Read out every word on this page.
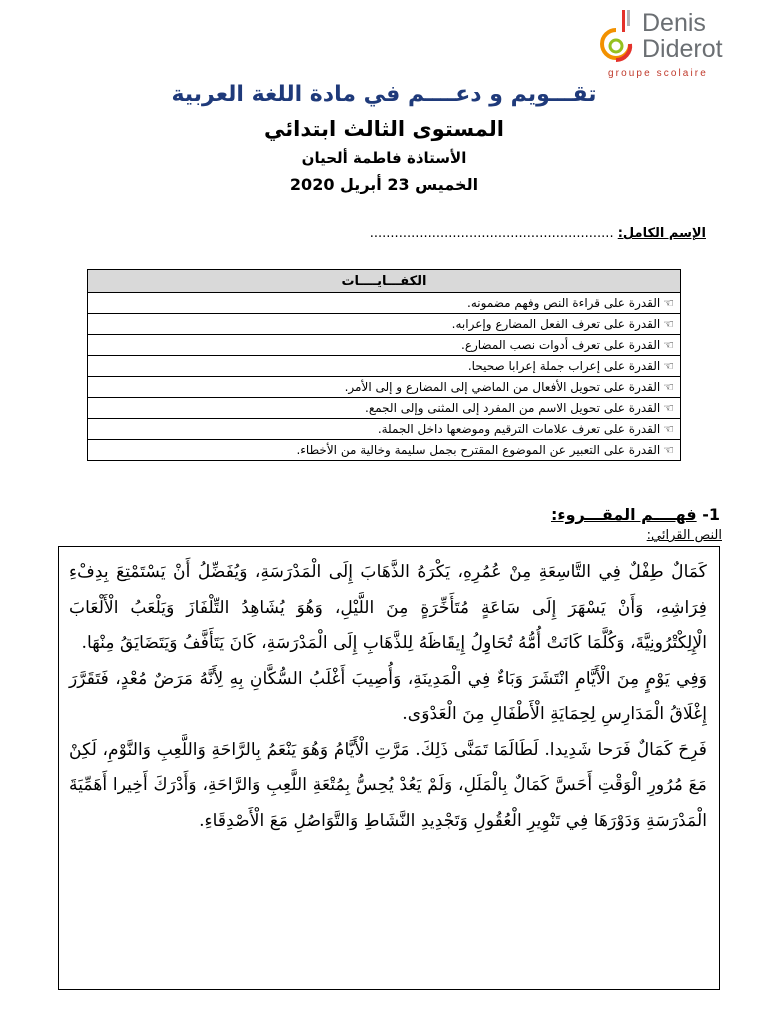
Denis
Diderot
groupe scolaire
تقـــويم و دعــــم في مادة اللغة العربية
المستوى الثالث ابتدائي
الأستاذة فاطمة ألحيان
الخميس 23 أبريل 2020
الإسم الكامل: ...........................................................
الكفـــايــــات
☜القدرة على قراءة النص وفهم مضمونه.
☜القدرة على تعرف الفعل المضارع وإعرابه.
☜القدرة على تعرف أدوات نصب المضارع.
☜القدرة على إعراب جملة إعرابا صحيحا.
☜القدرة على تحويل الأفعال من الماضي إلى المضارع و إلى الأمر.
☜القدرة على تحويل الاسم من المفرد إلى المثنى وإلى الجمع.
☜القدرة على تعرف علامات الترقيم وموضعها داخل الجملة.
☜القدرة على التعبير عن الموضوع المقترح بجمل سليمة وخالية من الأخطاء.
1- فهــــم المقـــروء:
النص القرائي:

كَمَالٌ طِفْلٌ فِي التَّاسِعَةِ مِنْ عُمُرِهِ، يَكْرَهُ الذَّهَابَ إِلَى الْمَدْرَسَةِ، وَيُفَضِّلُ أَنْ يَسْتَمْتِعَ بِدِفْءِ فِرَاشِهِ، وَأَنْ يَسْهَرَ إِلَى سَاعَةٍ مُتَأَخِّرَةٍ مِنَ اللَّيْلِ، وَهُوَ يُشَاهِدُ التِّلْفَازَ وَيَلْعَبُ الْأَلْعَابَ الْإِلِكْتْرُونِيَّةَ، وَكُلَّمَا كَانَتْ أُمُّهُ تُحَاوِلُ إِيقَاظَهُ لِلذَّهَابِ إِلَى الْمَدْرَسَةِ، كَانَ يَتَأَفَّفُ وَيَتَضَايَقُ مِنْهَا.

وَفِي يَوْمٍ مِنَ الْأَيَّامِ انْتَشَرَ وَبَاءٌ فِي الْمَدِينَةِ، وَأُصِيبَ أَغْلَبُ السُّكَّانِ بِهِ لِأَنَّهُ مَرَضٌ مُعْدٍ، فَتَقَرَّرَ إِغْلَاقُ الْمَدَارِسِ لِحِمَايَةِ الْأَطْفَالِ مِنَ الْعَدْوَى.

فَرِحَ كَمَالٌ فَرَحا شَدِيدا. لَطَالَمَا تَمَنَّى ذَلِكَ. مَرَّتِ الْأَيَّامُ وَهُوَ يَنْعَمُ بِالرَّاحَةِ وَاللَّعِبِ وَالنَّوْمِ، لَكِنْ مَعَ مُرُورِ الْوَقْتِ أَحَسَّ كَمَالٌ بِالْمَلَلِ، وَلَمْ يَعُدْ يُحِسُّ بِمُتْعَةِ اللَّعِبِ وَالرَّاحَةِ، وَأَدْرَكَ أَخِيرا أَهَمِّيَةَ الْمَدْرَسَةِ وَدَوْرَهَا فِي تَنْوِيرِ الْعُقُولِ وَتَجْدِيدِ النَّشَاطِ وَالتَّوَاصُلِ مَعَ الْأَصْدِقَاءِ.
